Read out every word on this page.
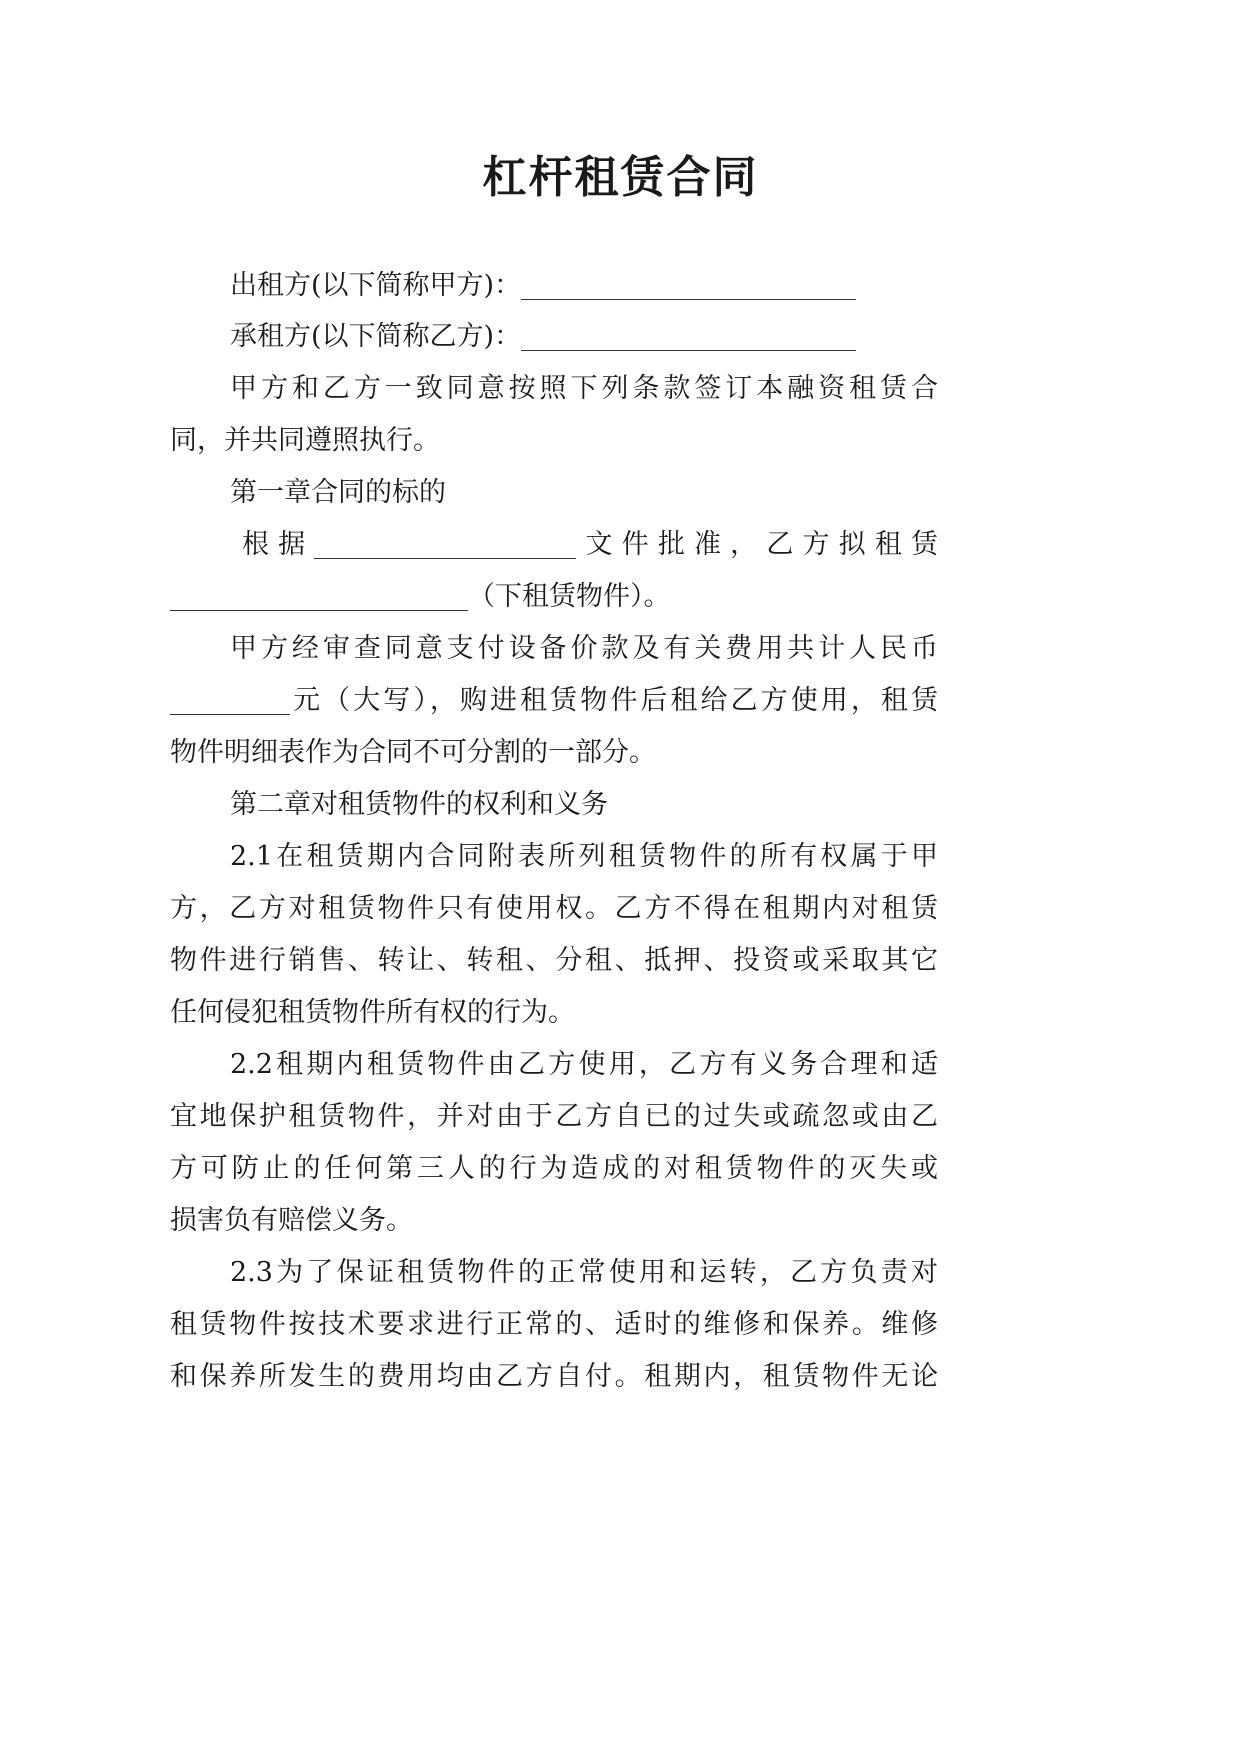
杠杆租赁合同
出租方(以下简称甲方)：
承租方(以下简称乙方)：
甲方和乙方一致同意按照下列条款签订本融资租赁合
同，并共同遵照执行。
第一章合同的标的
根据	文件批准，乙方拟租赁
（下租赁物件）。
甲方经审查同意支付设备价款及有关费用共计人民币
元（大写），购进租赁物件后租给乙方使用，租赁
物件明细表作为合同不可分割的一部分。
第二章对租赁物件的权利和义务
2.1在租赁期内合同附表所列租赁物件的所有权属于甲
方，乙方对租赁物件只有使用权。乙方不得在租期内对租赁
物件进行销售、转让、转租、分租、抵押、投资或采取其它
任何侵犯租赁物件所有权的行为。
2.2租期内租赁物件由乙方使用，乙方有义务合理和适
宜地保护租赁物件，并对由于乙方自已的过失或疏忽或由乙
方可防止的任何第三人的行为造成的对租赁物件的灭失或
损害负有赔偿义务。
2.3为了保证租赁物件的正常使用和运转，乙方负责对
租赁物件按技术要求进行正常的、适时的维修和保养。维修
和保养所发生的费用均由乙方自付。租期内，租赁物件无论
